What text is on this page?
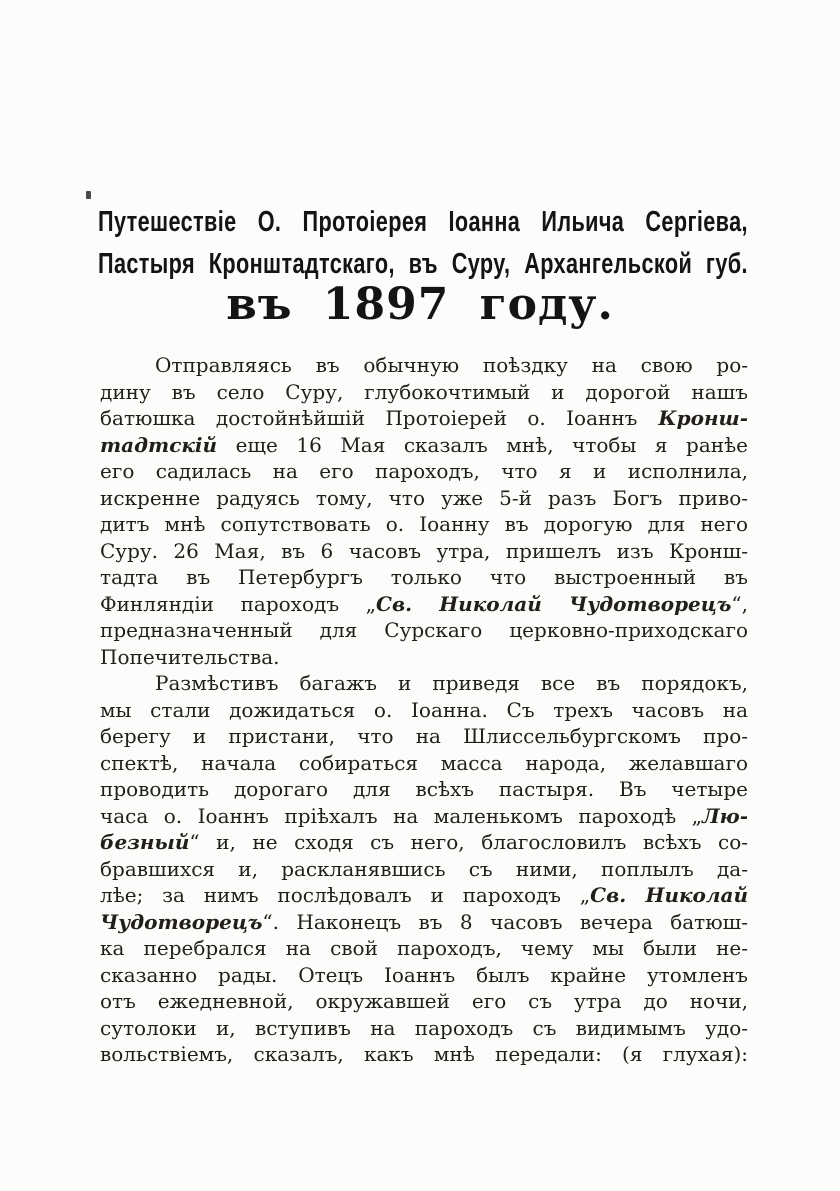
Путешествіе О. Протоіерея Іоанна Ильича Сергіева,
Пастыря Кронштадтскаго, въ Суру, Архангельской губ.
въ 1897 году.
Отправляясь въ обычную поѣздку на свою ро-
дину въ село Суру, глубокочтимый и дорогой нашъ
батюшка достойнѣйшій Протоіерей о. Іоаннъ Кронш-
тадтскій еще 16 Мая сказалъ мнѣ, чтобы я ранѣе
его садилась на его пароходъ, что я и исполнила,
искренне радуясь тому, что уже 5-й разъ Богъ приво-
дитъ мнѣ сопутствовать о. Іоанну въ дорогую для него
Суру. 26 Мая, въ 6 часовъ утра, пришелъ изъ Кронш-
тадта въ Петербургъ только что выстроенный въ
Финляндіи пароходъ „Св. Николай Чудотворецъ“,
предназначенный для Сурскаго церковно-приходскаго
Попечительства.
Размѣстивъ багажъ и приведя все въ порядокъ,
мы стали дожидаться о. Іоанна. Съ трехъ часовъ на
берегу и пристани, что на Шлиссельбургскомъ про-
спектѣ, начала собираться масса народа, желавшаго
проводить дорогаго для всѣхъ пастыря. Въ четыре
часа о. Іоаннъ пріѣхалъ на маленькомъ пароходѣ „Лю-
безный“ и, не сходя съ него, благословилъ всѣхъ со-
бравшихся и, раскланявшись съ ними, поплылъ да-
лѣе; за нимъ послѣдовалъ и пароходъ „Св. Николай
Чудотворецъ“. Наконецъ въ 8 часовъ вечера батюш-
ка перебрался на свой пароходъ, чему мы были не-
сказанно рады. Отецъ Іоаннъ былъ крайне утомленъ
отъ ежедневной, окружавшей его съ утра до ночи,
сутолоки и, вступивъ на пароходъ съ видимымъ удо-
вольствіемъ, сказалъ, какъ мнѣ передали: (я глухая):
